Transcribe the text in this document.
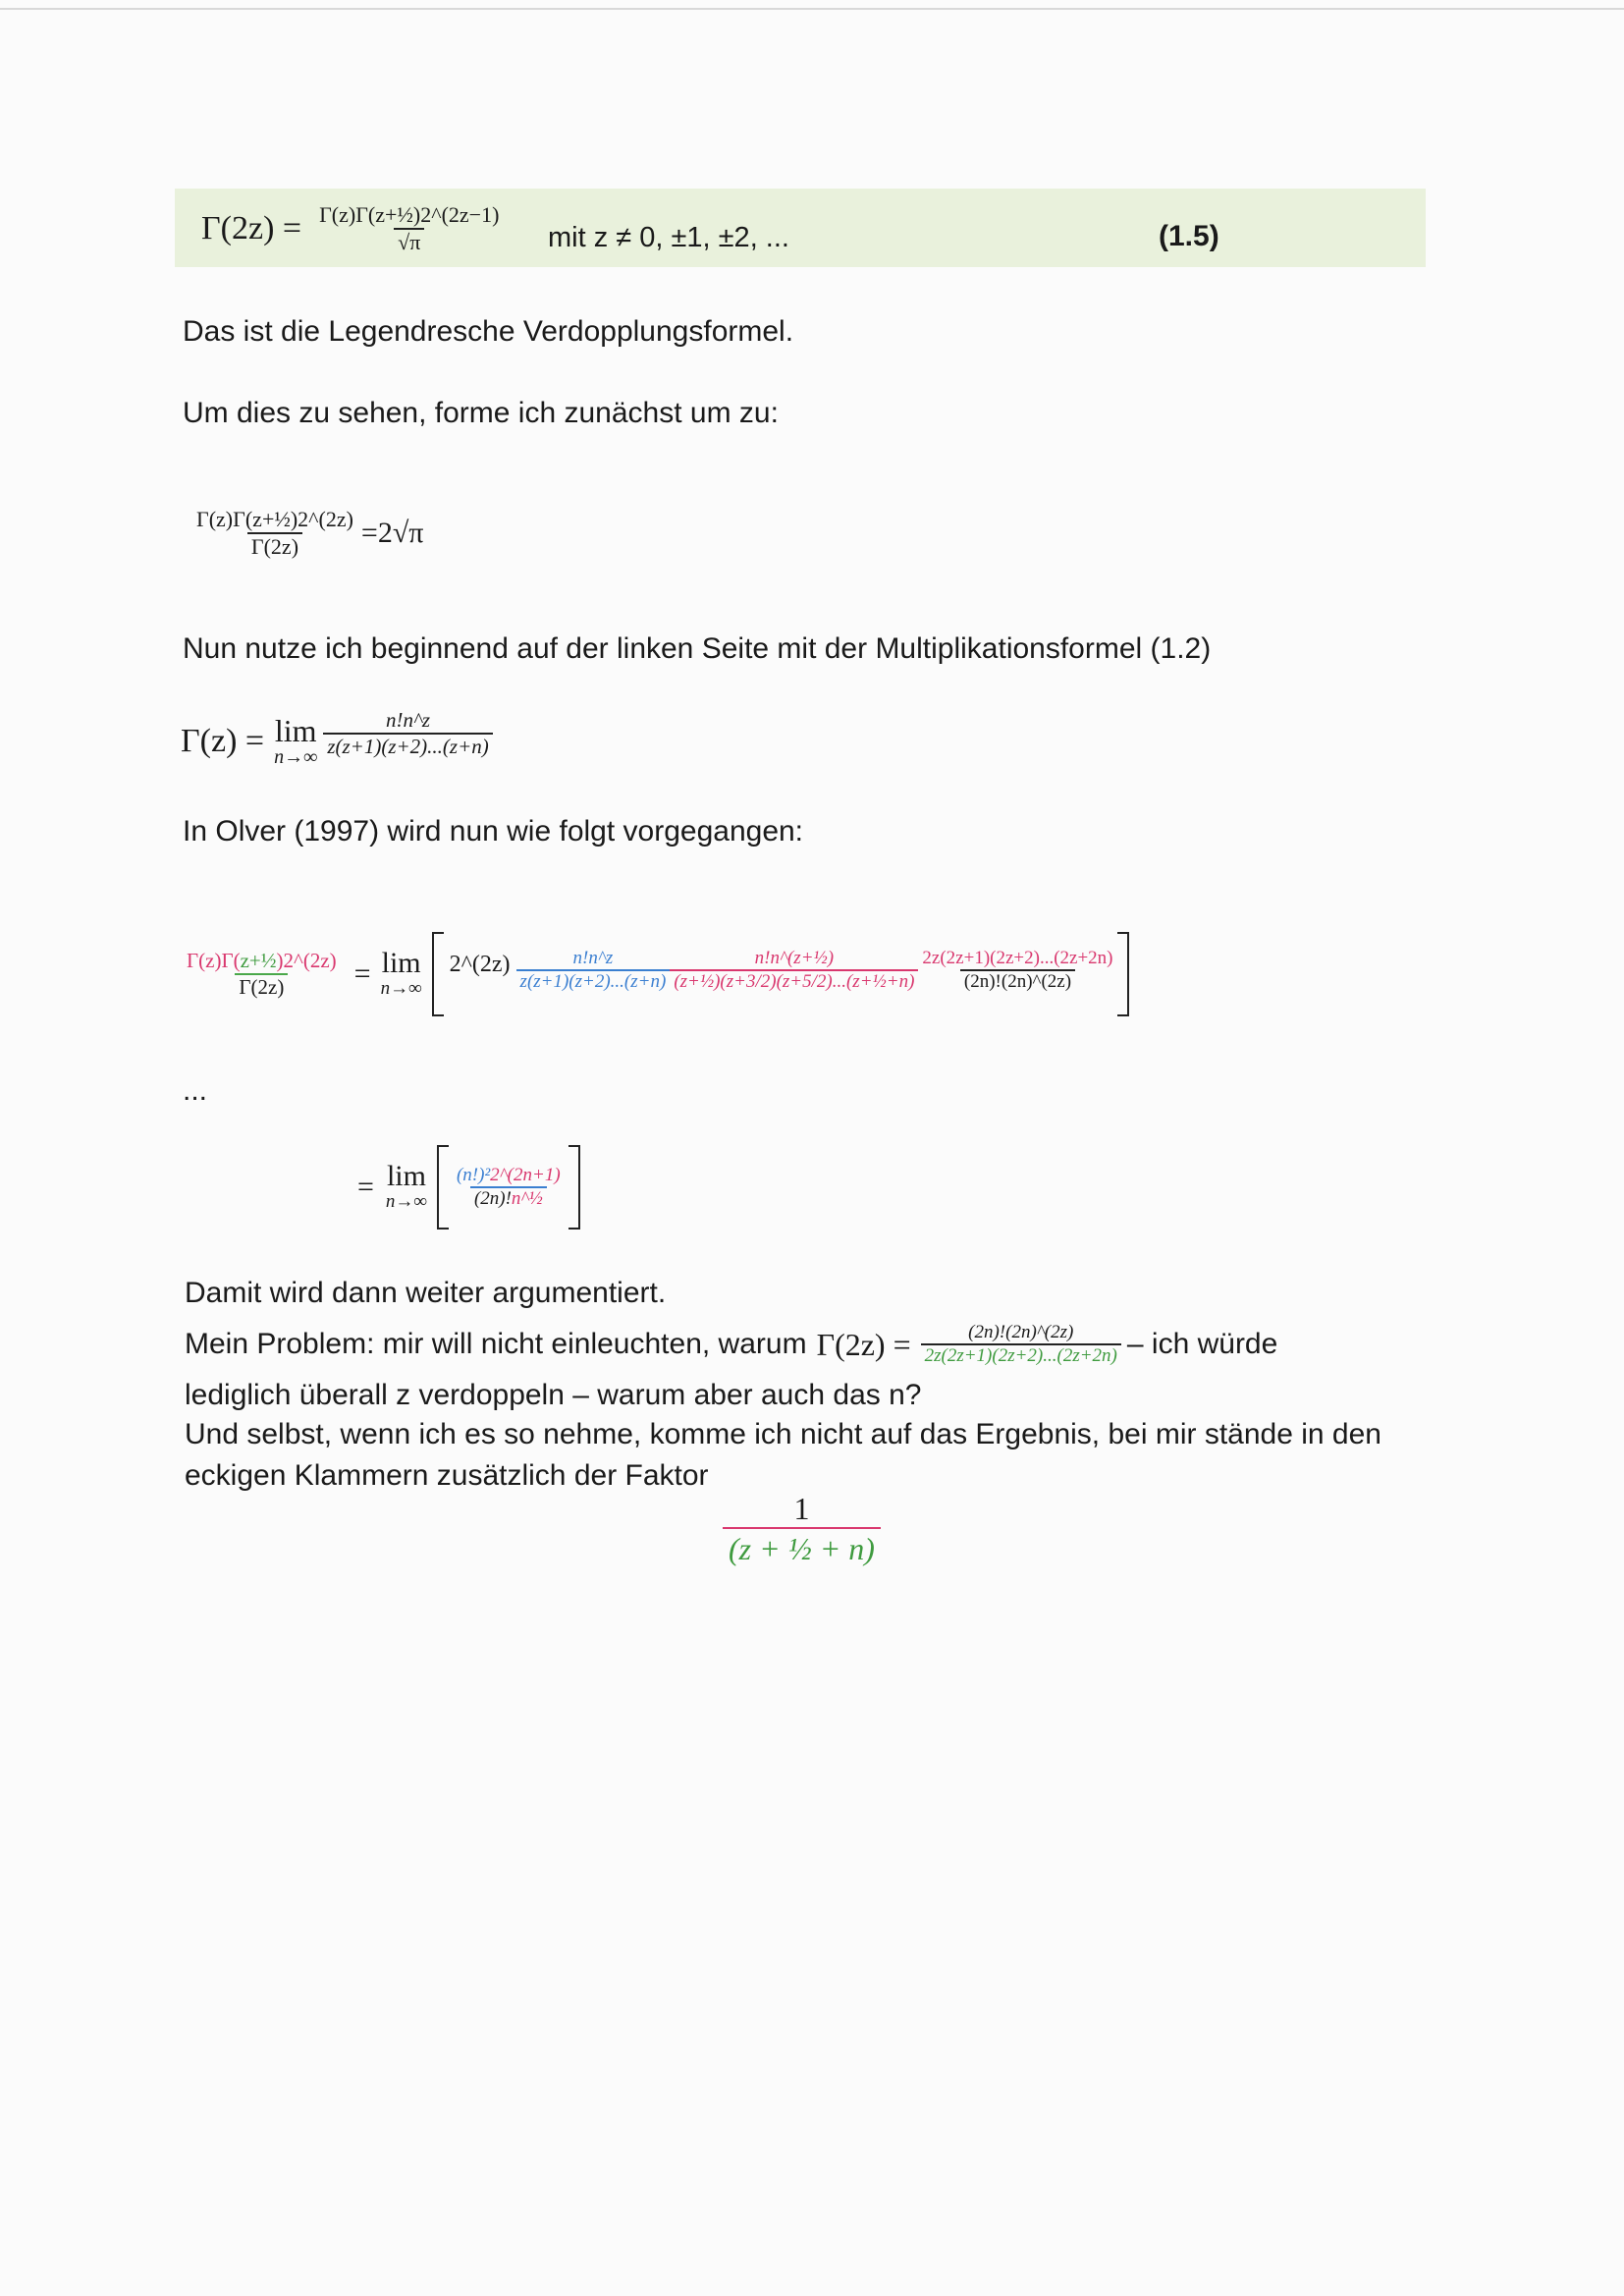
$\Gamma(2z) = \frac{\text{Γ(z)Γ(z+½)2\textasciicircum{}(2z−1)}}{√\pi}$ mit z ≠ 0, ±1, ±2, ...	(1.5)
Das ist die Legendresche Verdopplungsformel.
Um dies zu sehen, forme ich zunächst um zu:
$\frac{\text{Γ(z)Γ(z+½)2\textasciicircum{}(2z)}}{\Gamma(2z)} =2√\pi$
Nun nutze ich beginnend auf der linken Seite mit der Multiplikationsformel (1.2)
Γ(z) = lim
$n\to\infty \frac{n!n\^{}z}{z(z+1)(z+2)...(z+n)}$
In Olver (1997) wird nun wie folgt vorgegangen:
$\frac{\text{Γ(z)Γ(z+½)2\textasciicircum{}(2z)}}{\Gamma(2z)} = \lim$
n→∞
2^(2z) $\frac{n!n\^{}z}{z(z+1)(z+2)...(z+n)} \frac{\text{n!n\textasciicircum{}(z+½)}}{\text{(z+½)(z+3/2)(z+5/2)...(z+½+n)}} \frac{2z(2z+1)(2z+2)...(2z+2n)}{(2n)!(2n)\^{}(2z)}$
...
= lim
$n\to\infty \frac{\text{(n!)²2\textasciicircum{}(2n+1)}}{\text{(2n)!n\textasciicircum{}½}}$
Damit wird dann weiter argumentiert.
Mein Problem: mir will nicht einleuchten, warum $\Gamma(2z) = \frac{(2n)!(2n)\^{}(2z)}{2z(2z+1)(2z+2)...(2z+2n)}$ – ich würde
lediglich überall z verdoppeln – warum aber auch das n?
Und selbst, wenn ich es so nehme, komme ich nicht auf das Ergebnis, bei mir stände in den
eckigen Klammern zusätzlich der Faktor
$\frac{1}{\text{(z + ½ + n)}}$
